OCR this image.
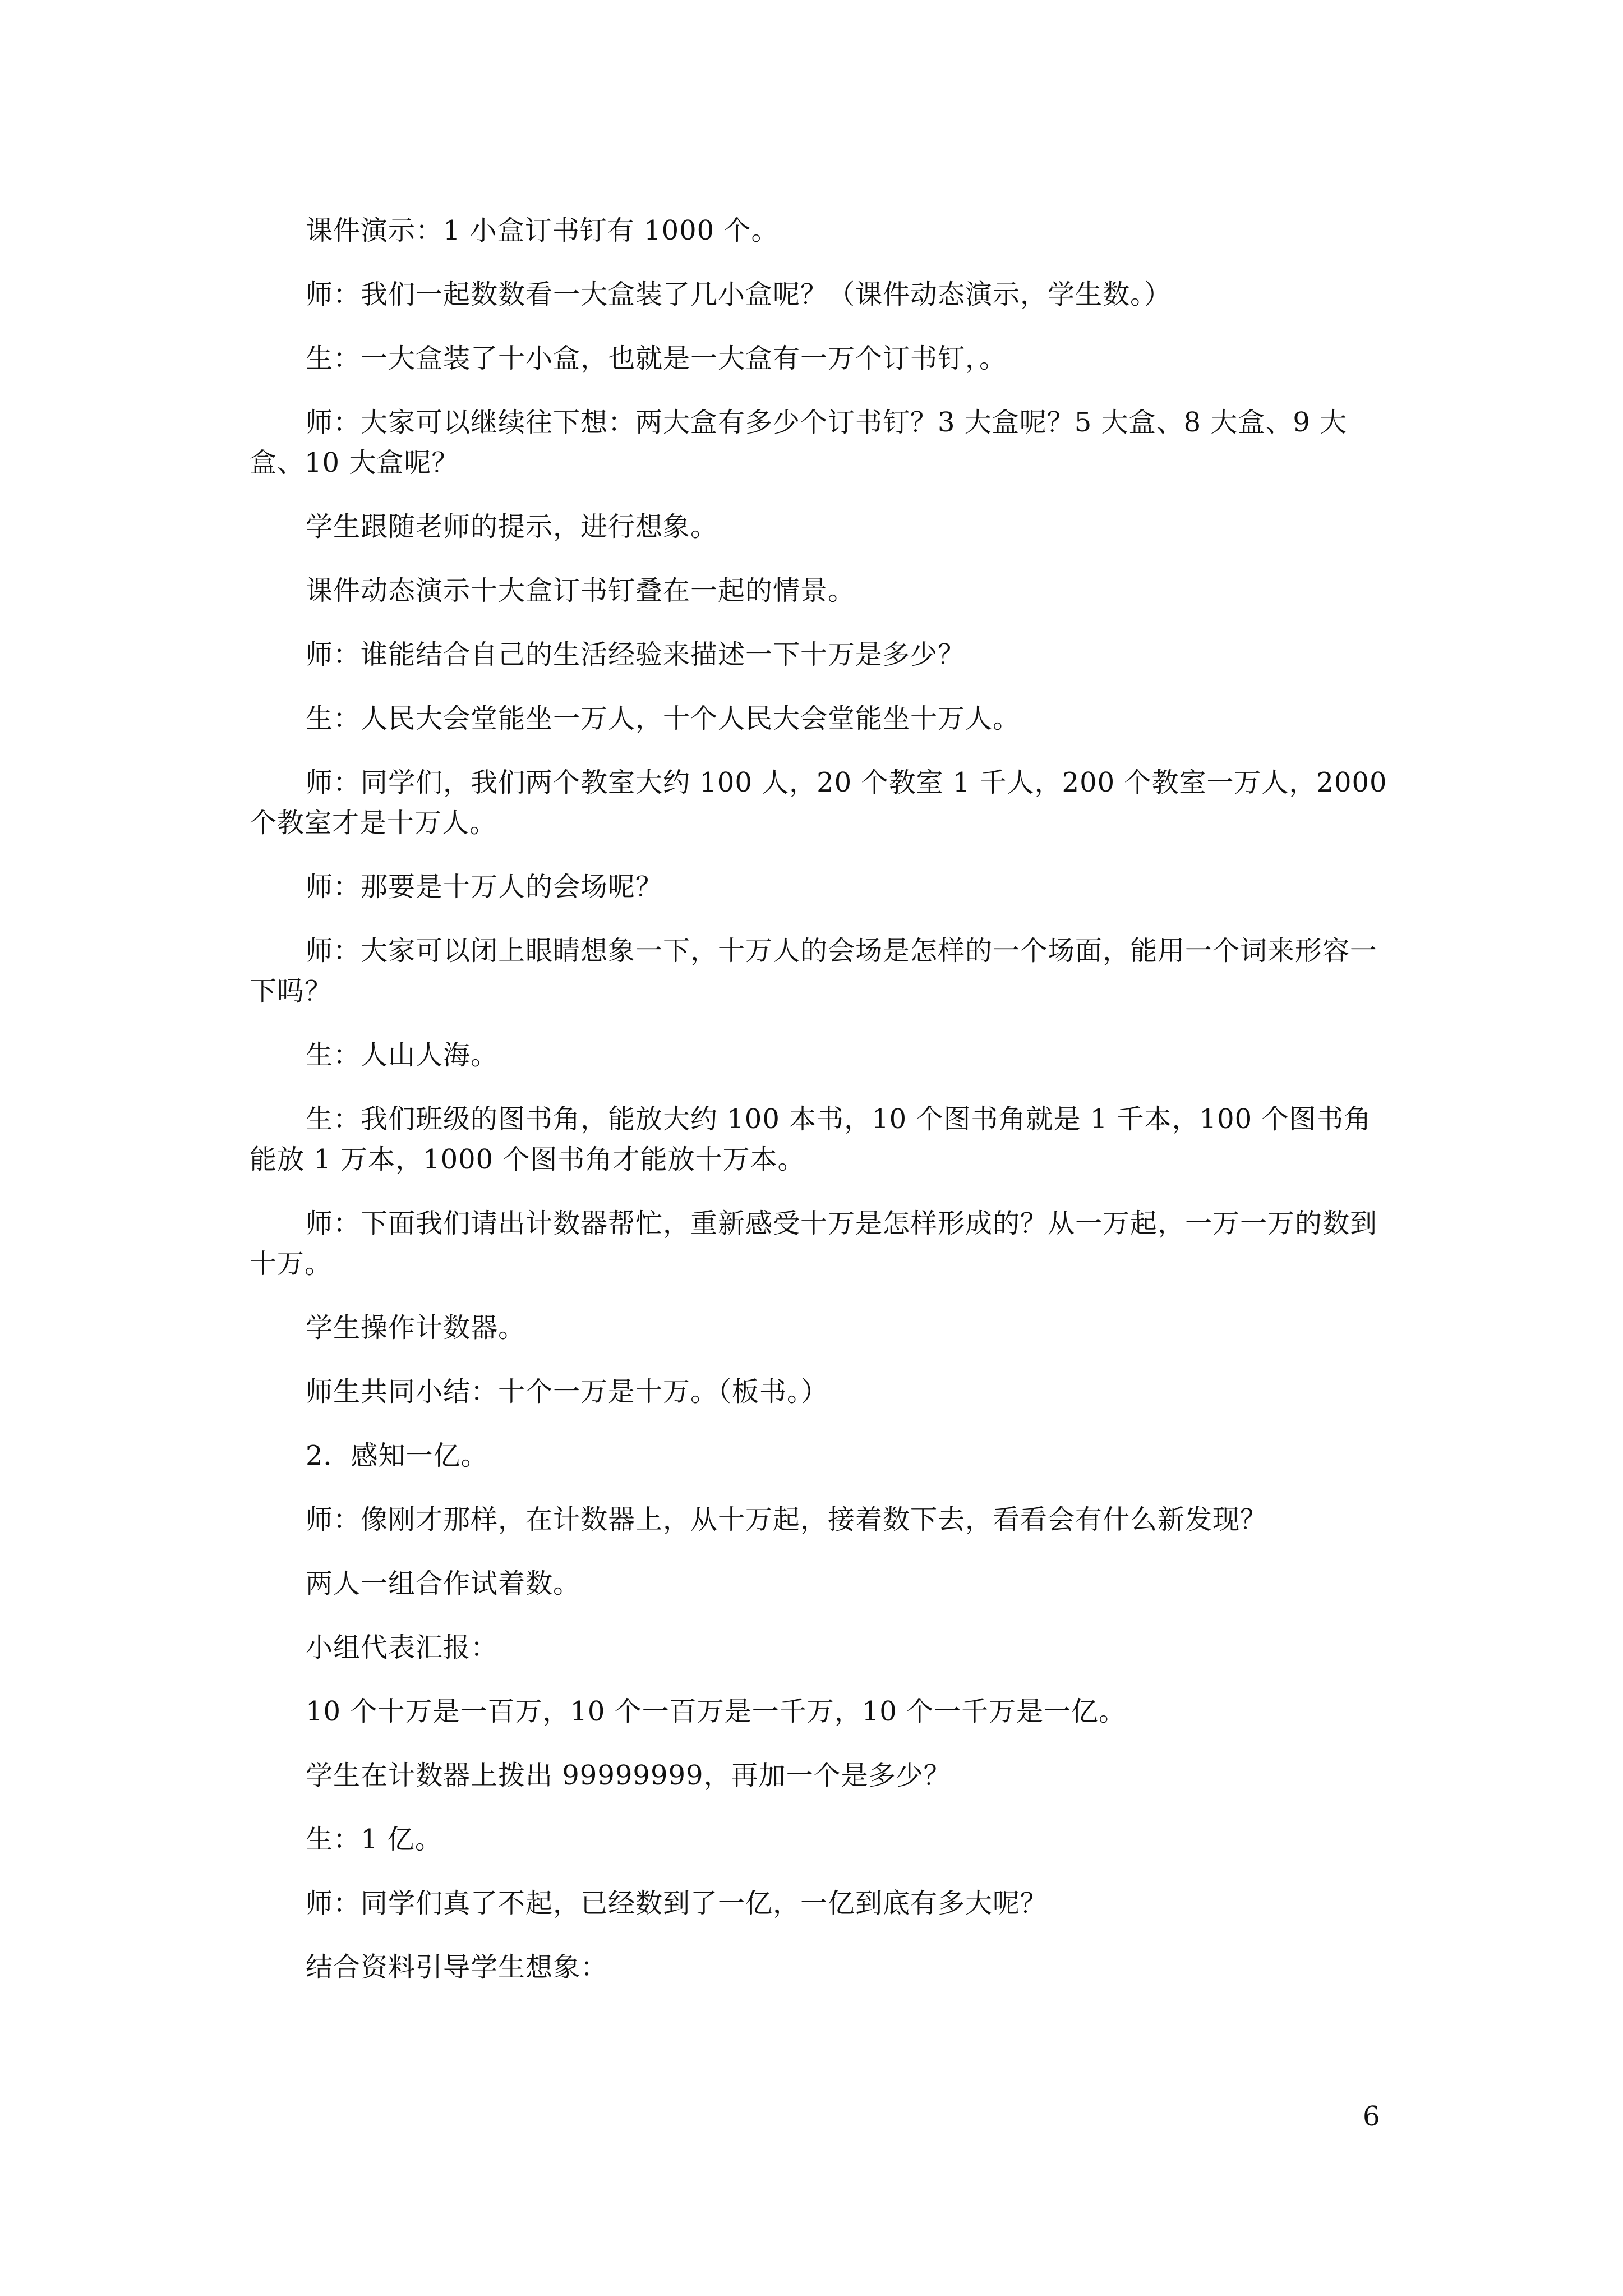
课件演示：1 小盒订书钉有 1000 个。

师：我们一起数数看一大盒装了几小盒呢？（课件动态演示，学生数。）

生：一大盒装了十小盒，也就是一大盒有一万个订书钉，。

师：大家可以继续往下想：两大盒有多少个订书钉？3 大盒呢？5 大盒、8 大盒、9 大盒、10 大盒呢？

学生跟随老师的提示，进行想象。

课件动态演示十大盒订书钉叠在一起的情景。

师：谁能结合自己的生活经验来描述一下十万是多少？

生：人民大会堂能坐一万人，十个人民大会堂能坐十万人。

师：同学们，我们两个教室大约 100 人，20 个教室 1 千人，200 个教室一万人，2000 个教室才是十万人。

师：那要是十万人的会场呢？

师：大家可以闭上眼睛想象一下，十万人的会场是怎样的一个场面，能用一个词来形容一下吗？

生：人山人海。

生：我们班级的图书角，能放大约 100 本书，10 个图书角就是 1 千本，100 个图书角能放 1 万本，1000 个图书角才能放十万本。

师：下面我们请出计数器帮忙，重新感受十万是怎样形成的？从一万起，一万一万的数到十万。

学生操作计数器。

师生共同小结：十个一万是十万。（板书。）

2．感知一亿。

师：像刚才那样，在计数器上，从十万起，接着数下去，看看会有什么新发现？

两人一组合作试着数。

小组代表汇报：

10 个十万是一百万，10 个一百万是一千万，10 个一千万是一亿。

学生在计数器上拨出 99999999，再加一个是多少？

生：1 亿。

师：同学们真了不起，已经数到了一亿，一亿到底有多大呢？

结合资料引导学生想象：

6
